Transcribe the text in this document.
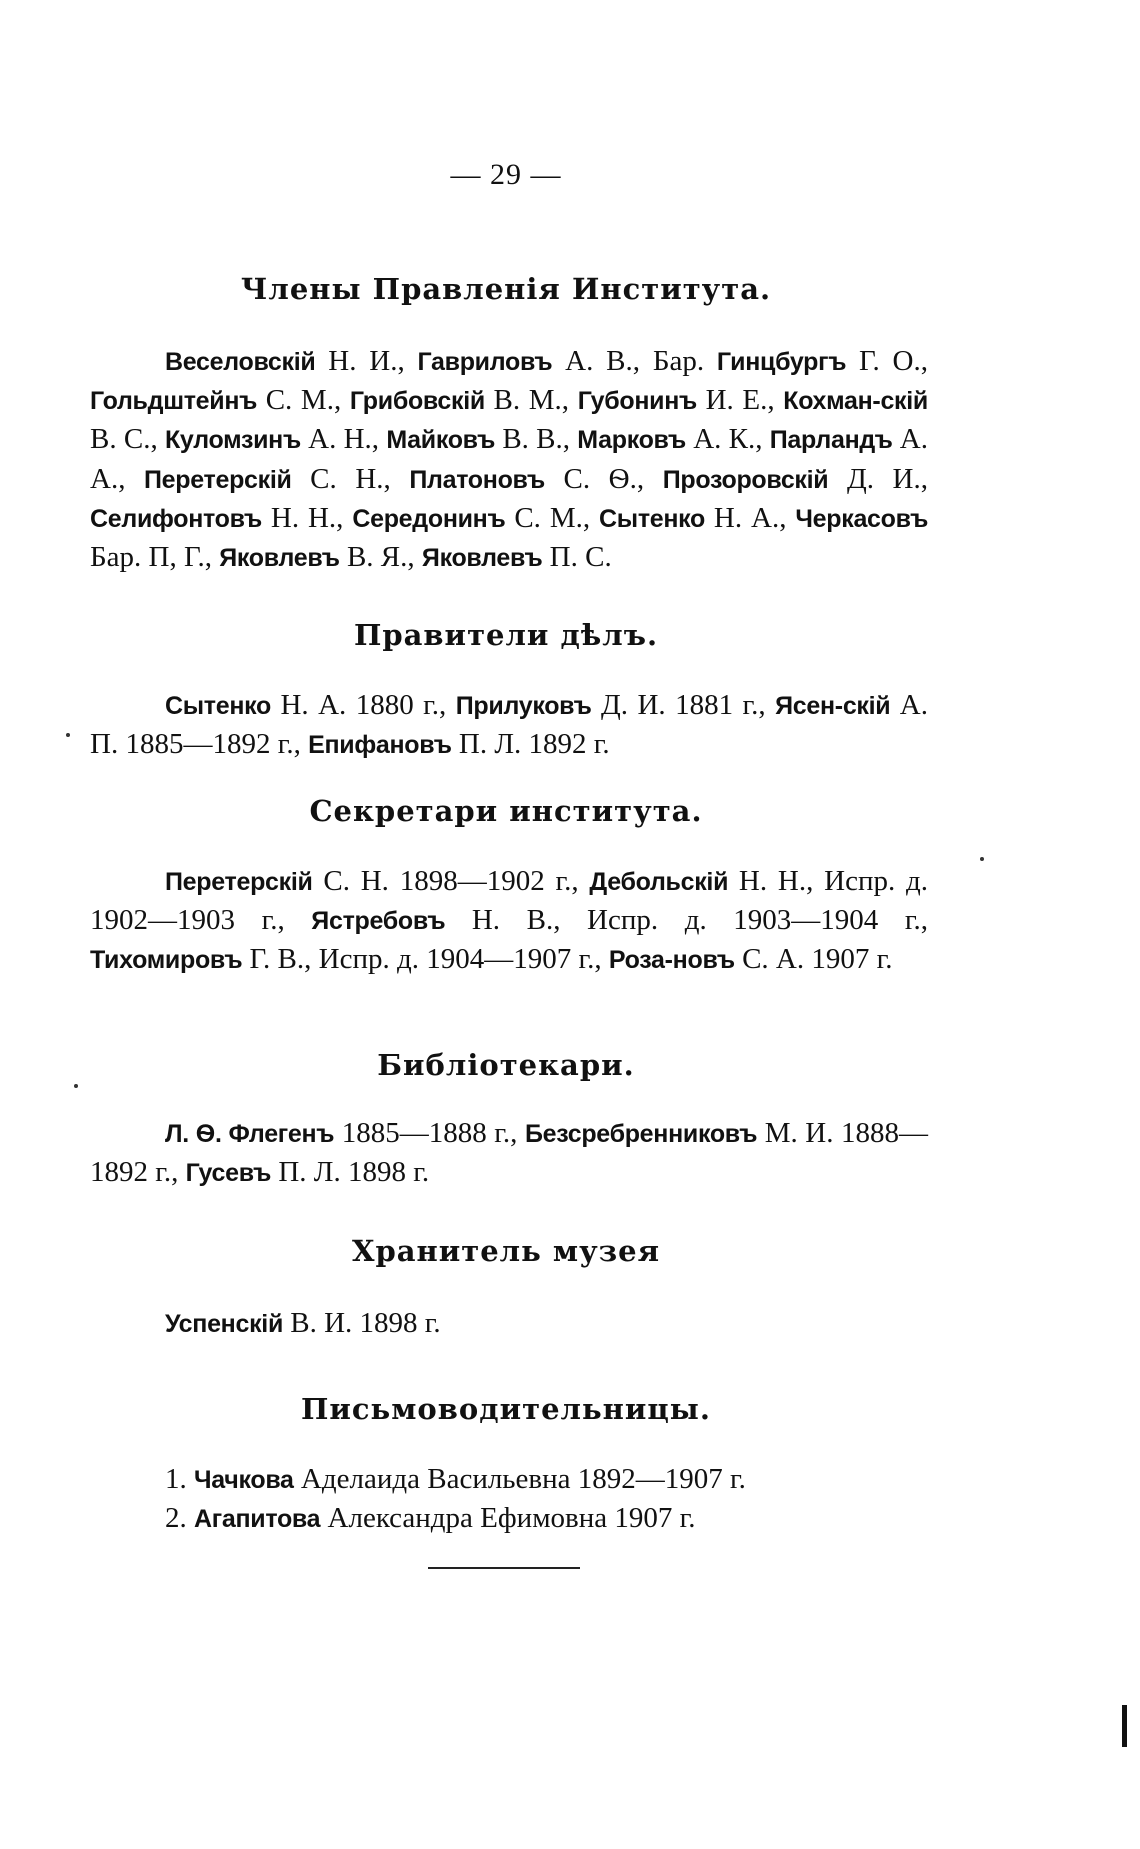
— 29 —
Члены Правленія Института.
Веселовскій Н. И., Гавриловъ А. В., Бар. Гинцбургъ Г. О., Гольдштейнъ С. М., Грибовскій В. М., Губонинъ И. Е., Кохман-скій В. С., Куломзинъ А. Н., Майковъ В. В., Марковъ А. К., Парландъ А. А., Перетерскій С. Н., Платоновъ С. Ѳ., Прозоровскій Д. И., Селифонтовъ Н. Н., Середонинъ С. М., Сытенко Н. А., Черкасовъ Бар. П, Г., Яковлевъ В. Я., Яковлевъ П. С.
Правители дѣлъ.
Сытенко Н. А. 1880 г., Прилуковъ Д. И. 1881 г., Ясен-скій А. П. 1885—1892 г., Епифановъ П. Л. 1892 г.
Секретари института.
Перетерскій С. Н. 1898—1902 г., Дебольскій Н. Н., Испр. д. 1902—1903 г., Ястребовъ Н. В., Испр. д. 1903—1904 г., Тихомировъ Г. В., Испр. д. 1904—1907 г., Роза-новъ С. А. 1907 г.
Библіотекари.
Л. Ѳ. Флегенъ 1885—1888 г., Безсребренниковъ М. И. 1888—1892 г., Гусевъ П. Л. 1898 г.
Хранитель музея
Успенскій В. И. 1898 г.
Письмоводительницы.
1. Чачкова Аделаида Васильевна 1892—1907 г.
2. Агапитова Александра Ефимовна 1907 г.
